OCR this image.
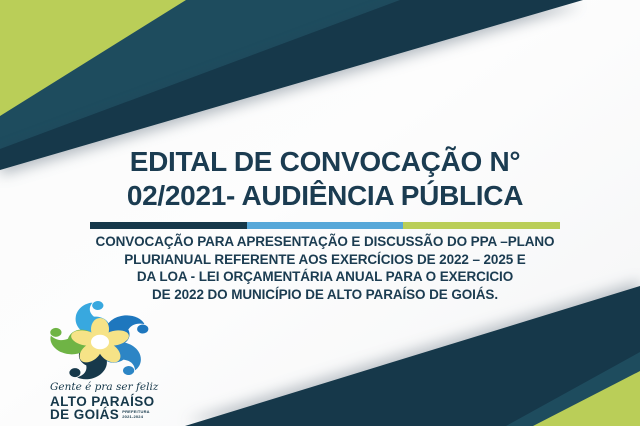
EDITAL DE CONVOCAÇÃO N°
02/2021- AUDIÊNCIA PÚBLICA
CONVOCAÇÃO PARA APRESENTAÇÃO E DISCUSSÃO DO PPA –PLANO
PLURIANUAL REFERENTE AOS EXERCÍCIOS DE 2022 – 2025 E
DA LOA - LEI ORÇAMENTÁRIA ANUAL PARA O EXERCICIO
DE 2022 DO MUNICÍPIO DE ALTO PARAÍSO DE GOIÁS.
Gente é pra ser feliz
ALTO PARAÍSO
DE GOIÁS PREFEITURA
2021-2024
